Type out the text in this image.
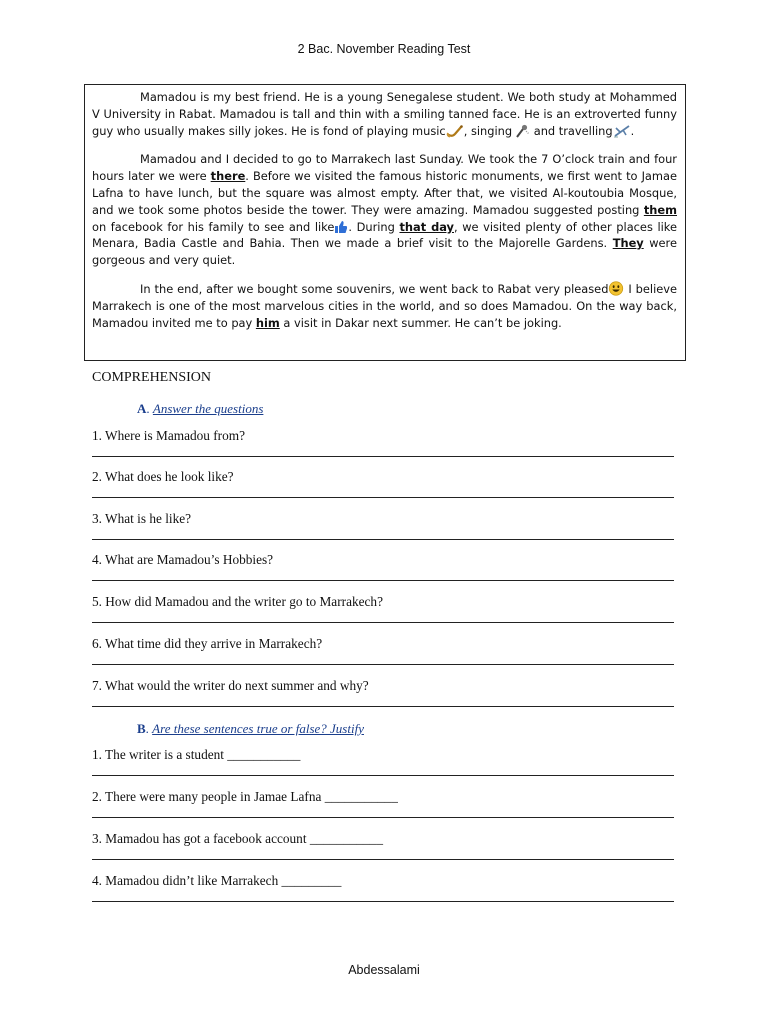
2 Bac. November Reading Test

Mamadou is my best friend. He is a young Senegalese student. We both study at Mohammed V University in Rabat. Mamadou is tall and thin with a smiling tanned face. He is an extroverted funny guy who usually makes silly jokes. He is fond of playing music , singing and travelling .

Mamadou and I decided to go to Marrakech last Sunday. We took the 7 O’clock train and four hours later we were there. Before we visited the famous historic monuments, we first went to Jamae Lafna to have lunch, but the square was almost empty. After that, we visited Al-koutoubia Mosque, and we took some photos beside the tower. They were amazing. Mamadou suggested posting them on facebook for his family to see and like . During that day, we visited plenty of other places like Menara, Badia Castle and Bahia. Then we made a brief visit to the Majorelle Gardens. They were gorgeous and very quiet.

In the end, after we bought some souvenirs, we went back to Rabat very pleased I believe Marrakech is one of the most marvelous cities in the world, and so does Mamadou. On the way back, Mamadou invited me to pay him a visit in Dakar next summer. He can’t be joking.

COMPREHENSION
A. Answer the questions
1. Where is Mamadou from?
2. What does he look like?
3. What is he like?
4. What are Mamadou’s Hobbies?
5. How did Mamadou and the writer go to Marrakech?
6. What time did they arrive in Marrakech?
7. What would the writer do next summer and why?
B. Are these sentences true or false? Justify
1. The writer is a student ___________
2. There were many people in Jamae Lafna ___________
3. Mamadou has got a facebook account ___________
4. Mamadou didn’t like Marrakech _________
Abdessalami
